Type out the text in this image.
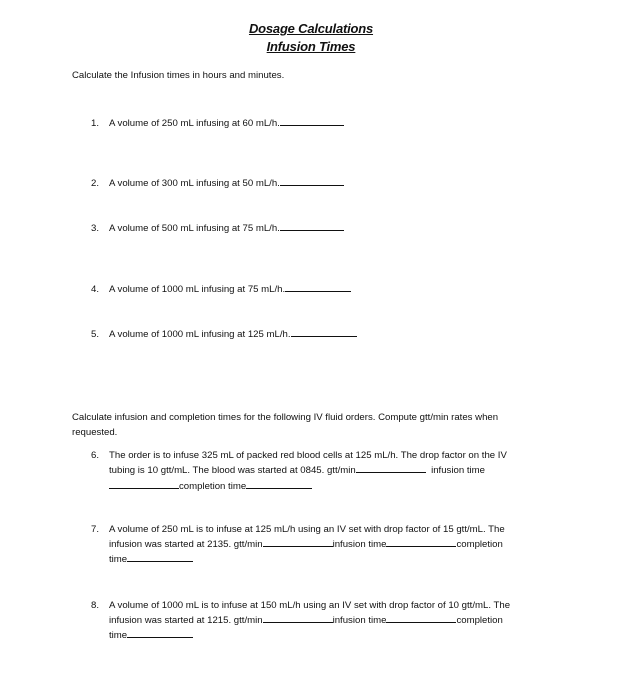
Dosage Calculations
Infusion Times
Calculate the Infusion times in hours and minutes.
1. A volume of 250 mL infusing at 60 mL/h.
2. A volume of 300 mL infusing at 50 mL/h.
3. A volume of 500 mL infusing at 75 mL/h.
4. A volume of 1000 mL infusing at 75 mL/h.
5. A volume of 1000 mL infusing at 125 mL/h.
Calculate infusion and completion times for the following IV fluid orders. Compute gtt/min rates when
requested.
6. The order is to infuse 325 mL of packed red blood cells at 125 mL/h. The drop factor on the IV
tubing is 10 gtt/mL. The blood was started at 0845. gtt/min	infusion time
completion time
7. A volume of 250 mL is to infuse at 125 mL/h using an IV set with drop factor of 15 gtt/mL. The
infusion was started at 2135. gtt/min	infusion time	completion
time
8. A volume of 1000 mL is to infuse at 150 mL/h using an IV set with drop factor of 10 gtt/mL. The
infusion was started at 1215. gtt/min	infusion time	completion
time
